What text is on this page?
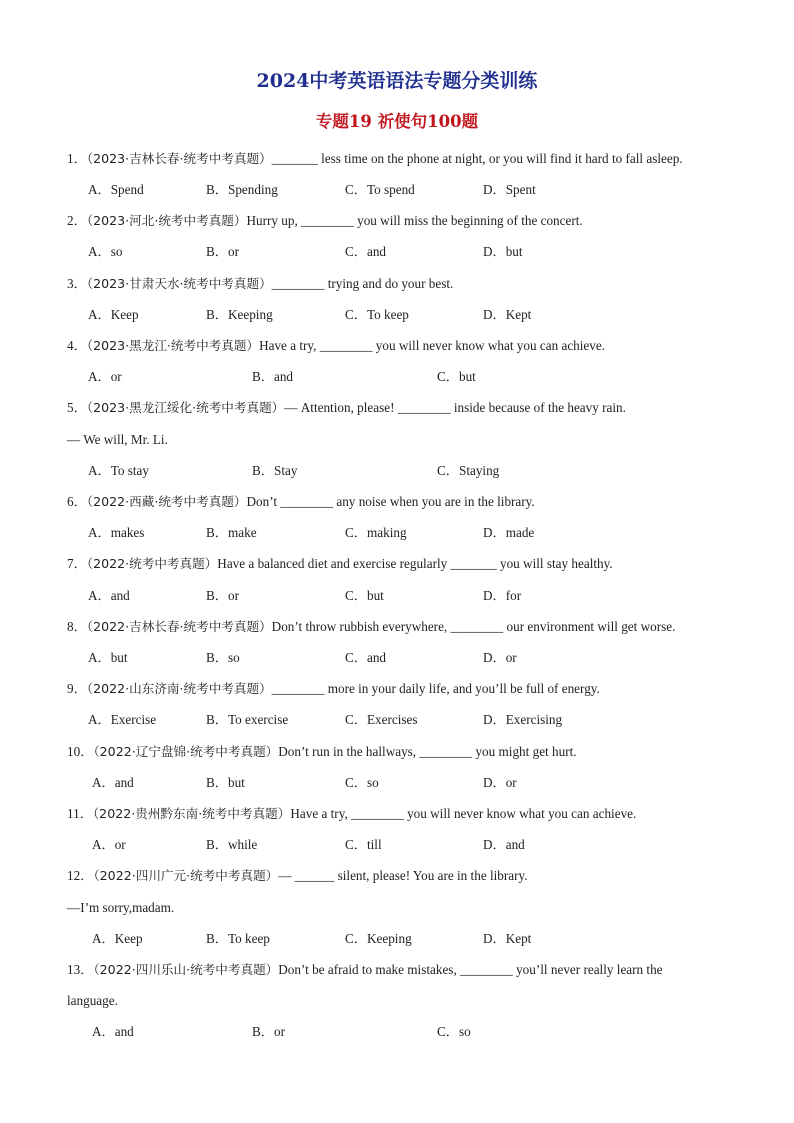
2024中考英语语法专题分类训练
专题19 祈使句100题
1．（2023·吉林长春·统考中考真题）_______ less time on the phone at night, or you will find it hard to fall asleep.
A．Spend	B．Spending	C．To spend	D．Spent
2．（2023·河北·统考中考真题）Hurry up, ________ you will miss the beginning of the concert.
A．so	B．or	C．and	D．but
3．（2023·甘肃天水·统考中考真题）________ trying and do your best.
A．Keep	B．Keeping	C．To keep	D．Kept
4．（2023·黑龙江·统考中考真题）Have a try, ________ you will never know what you can achieve.
A．or	B．and	C．but
5．（2023·黑龙江绥化·统考中考真题）— Attention, please! ________ inside because of the heavy rain.
— We will, Mr. Li.
A．To stay	B．Stay	C．Staying
6．（2022·西藏·统考中考真题）Don’t ________ any noise when you are in the library.
A．makes	B．make	C．making	D．made
7．（2022·统考中考真题）Have a balanced diet and exercise regularly _______ you will stay healthy.
A．and	B．or	C．but	D．for
8．（2022·吉林长春·统考中考真题）Don’t throw rubbish everywhere, ________ our environment will get worse.
A．but	B．so	C．and	D．or
9．（2022·山东济南·统考中考真题）________ more in your daily life, and you’ll be full of energy.
A．Exercise	B．To exercise	C．Exercises	D．Exercising
10．（2022·辽宁盘锦·统考中考真题）Don’t run in the hallways, ________ you might get hurt.
A．and	B．but	C．so	D．or
11．（2022·贵州黔东南·统考中考真题）Have a try, ________ you will never know what you can achieve.
A．or	B．while	C．till	D．and
12．（2022·四川广元·统考中考真题）— ______ silent, please! You are in the library.
—I’m sorry,madam.
A．Keep	B．To keep	C．Keeping	D．Kept
13．（2022·四川乐山·统考中考真题）Don’t be afraid to make mistakes, ________ you’ll never really learn the
language.
A．and	B．or	C．so
